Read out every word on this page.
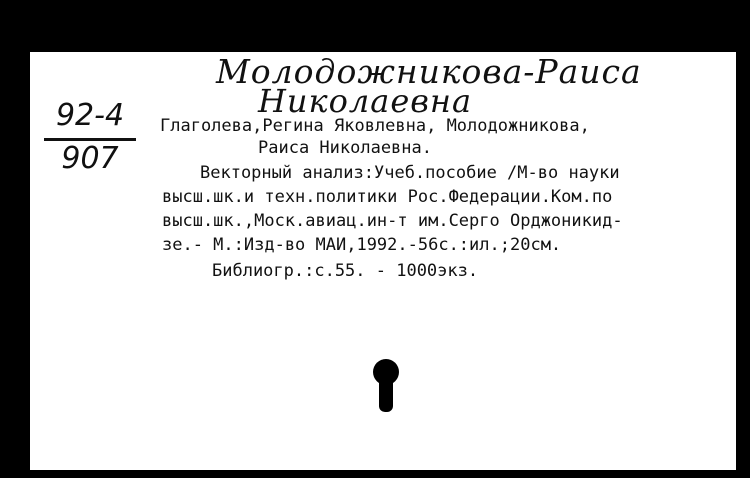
Молодожникова-Раиса
Николаевна
92-4
907
Глаголева,Регина Яковлевна, Молодожникова,
Раиса Николаевна.
Векторный анализ:Учеб.пособие /М-во науки
высш.шк.и техн.политики Рос.Федерации.Ком.по
высш.шк.,Моск.авиац.ин-т им.Серго Орджоникид-
зе.- М.:Изд-во МАИ,1992.-56с.:ил.;20см.
Библиогр.:с.55. - 1000экз.
